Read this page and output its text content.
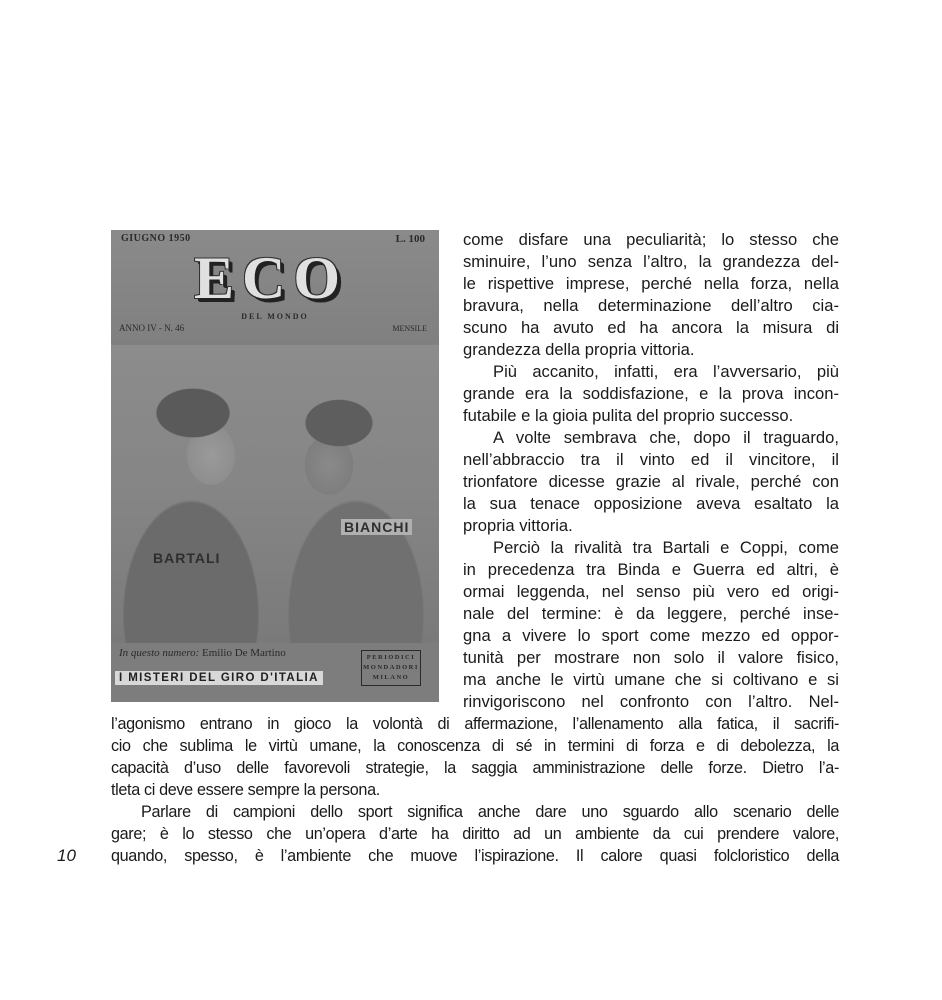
GIUGNO 1950	L. 100
ECO
DEL MONDO
ANNO IV - N. 46	MENSILE
BARTALI
BIANCHI
In questo numero: Emilio De Martino
I MISTERI DEL GIRO D'ITALIA
PERIODICI
MONDADORI
MILANO
come disfare una peculiarità; lo stesso che
sminuire, l’uno senza l’altro, la grandezza del-
le rispettive imprese, perché nella forza, nella
bravura, nella determinazione dell’altro cia-
scuno ha avuto ed ha ancora la misura di
grandezza della propria vittoria.
Più accanito, infatti, era l’avversario, più
grande era la soddisfazione, e la prova incon-
futabile e la gioia pulita del proprio successo.
A volte sembrava che, dopo il traguardo,
nell’abbraccio tra il vinto ed il vincitore, il
trionfatore dicesse grazie al rivale, perché con
la sua tenace opposizione aveva esaltato la
propria vittoria.
Perciò la rivalità tra Bartali e Coppi, come
in precedenza tra Binda e Guerra ed altri, è
ormai leggenda, nel senso più vero ed origi-
nale del termine: è da leggere, perché inse-
gna a vivere lo sport come mezzo ed oppor-
tunità per mostrare non solo il valore fisico,
ma anche le virtù umane che si coltivano e si
rinvigoriscono nel confronto con l’altro. Nel-
l’agonismo entrano in gioco la volontà di affermazione, l’allenamento alla fatica, il sacrifi-
cio che sublima le virtù umane, la conoscenza di sé in termini di forza e di debolezza, la
capacità d’uso delle favorevoli strategie, la saggia amministrazione delle forze. Dietro l’a-
tleta ci deve essere sempre la persona.
Parlare di campioni dello sport significa anche dare uno sguardo allo scenario delle
gare; è lo stesso che un’opera d’arte ha diritto ad un ambiente da cui prendere valore,
quando, spesso, è l’ambiente che muove l’ispirazione. Il calore quasi folcloristico della
10
